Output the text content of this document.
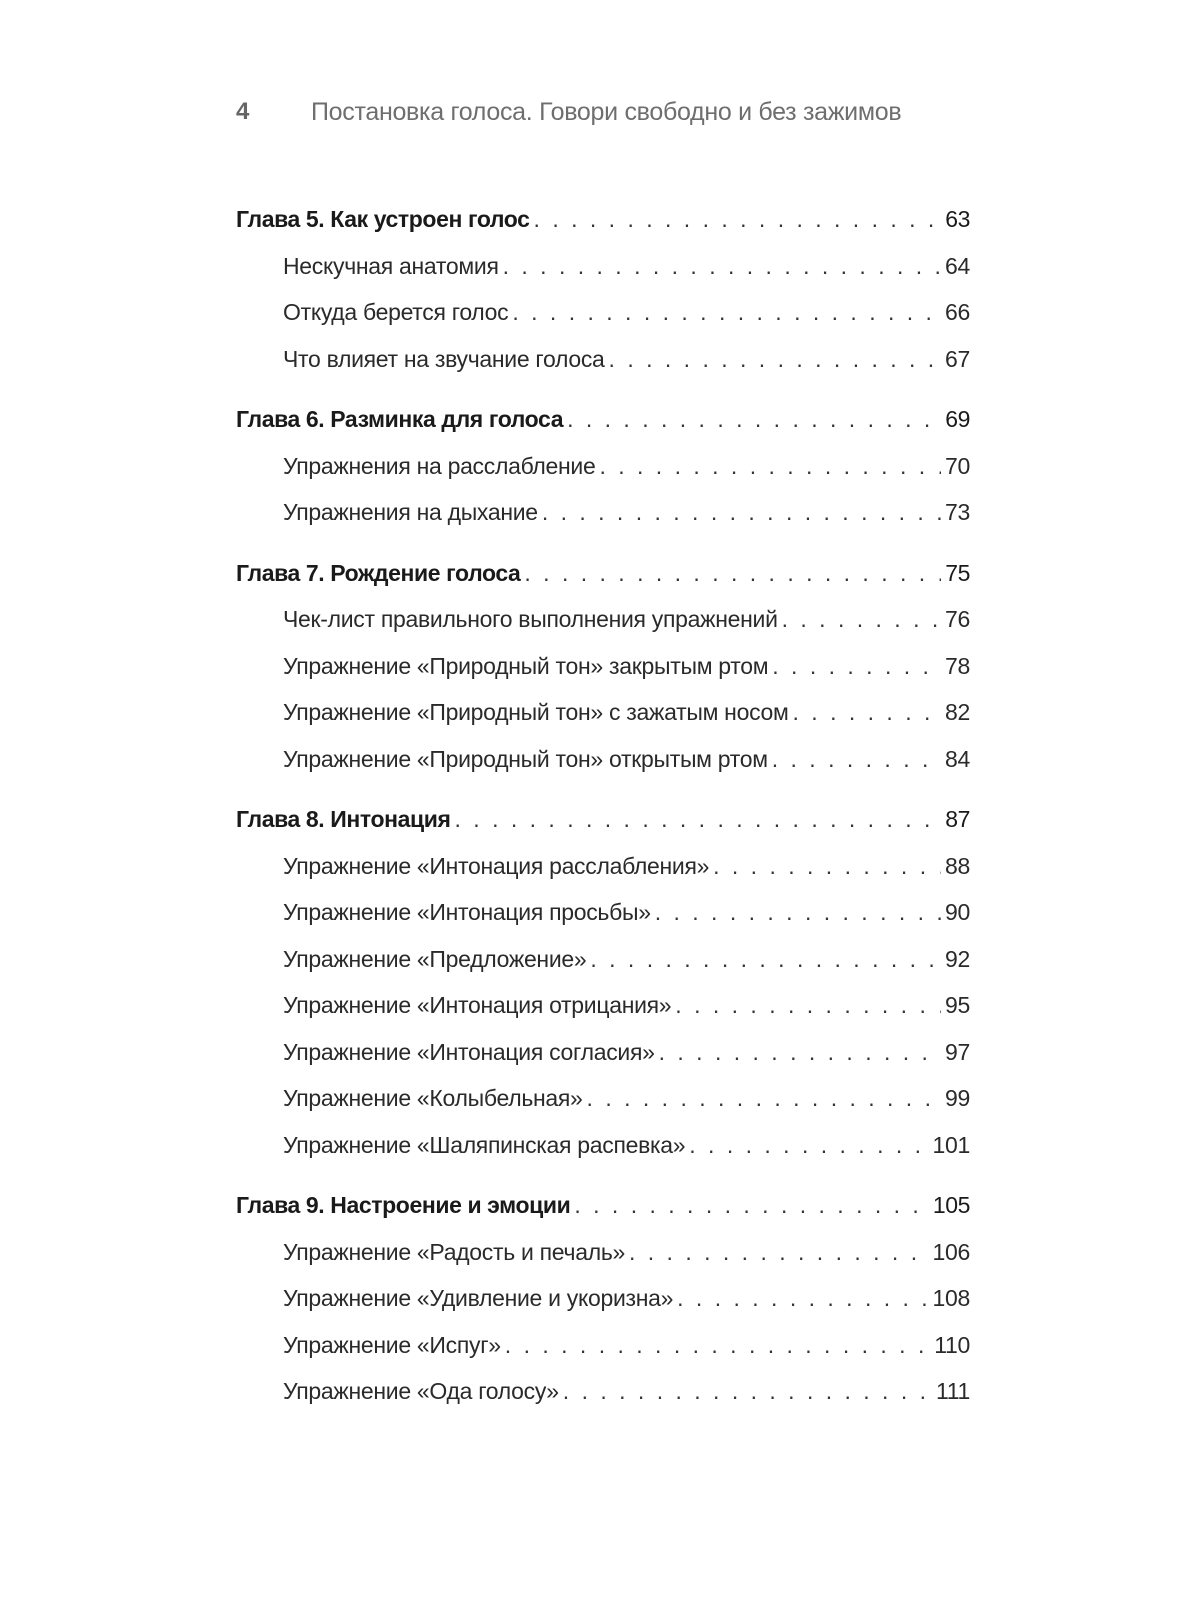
4	Постановка голоса. Говори свободно и без зажимов
Глава 5. Как устроен голос . . .	63
Нескучная анатомия . . .	64
Откуда берется голос . . .	66
Что влияет на звучание голоса . . .	67
Глава 6. Разминка для голоса . . .	69
Упражнения на расслабление . . .	70
Упражнения на дыхание . . .	73
Глава 7. Рождение голоса . . .	75
Чек-лист правильного выполнения упражнений . . .	76
Упражнение «Природный тон» закрытым ртом . . .	78
Упражнение «Природный тон» с зажатым носом . . .	82
Упражнение «Природный тон» открытым ртом . . .	84
Глава 8. Интонация . . .	87
Упражнение «Интонация расслабления» . . .	88
Упражнение «Интонация просьбы» . . .	90
Упражнение «Предложение» . . .	92
Упражнение «Интонация отрицания» . . .	95
Упражнение «Интонация согласия» . . .	97
Упражнение «Колыбельная» . . .	99
Упражнение «Шаляпинская распевка» . . .	101
Глава 9. Настроение и эмоции . . .	105
Упражнение «Радость и печаль» . . .	106
Упражнение «Удивление и укоризна» . . .	108
Упражнение «Испуг» . . .	110
Упражнение «Ода голосу» . . .	111
